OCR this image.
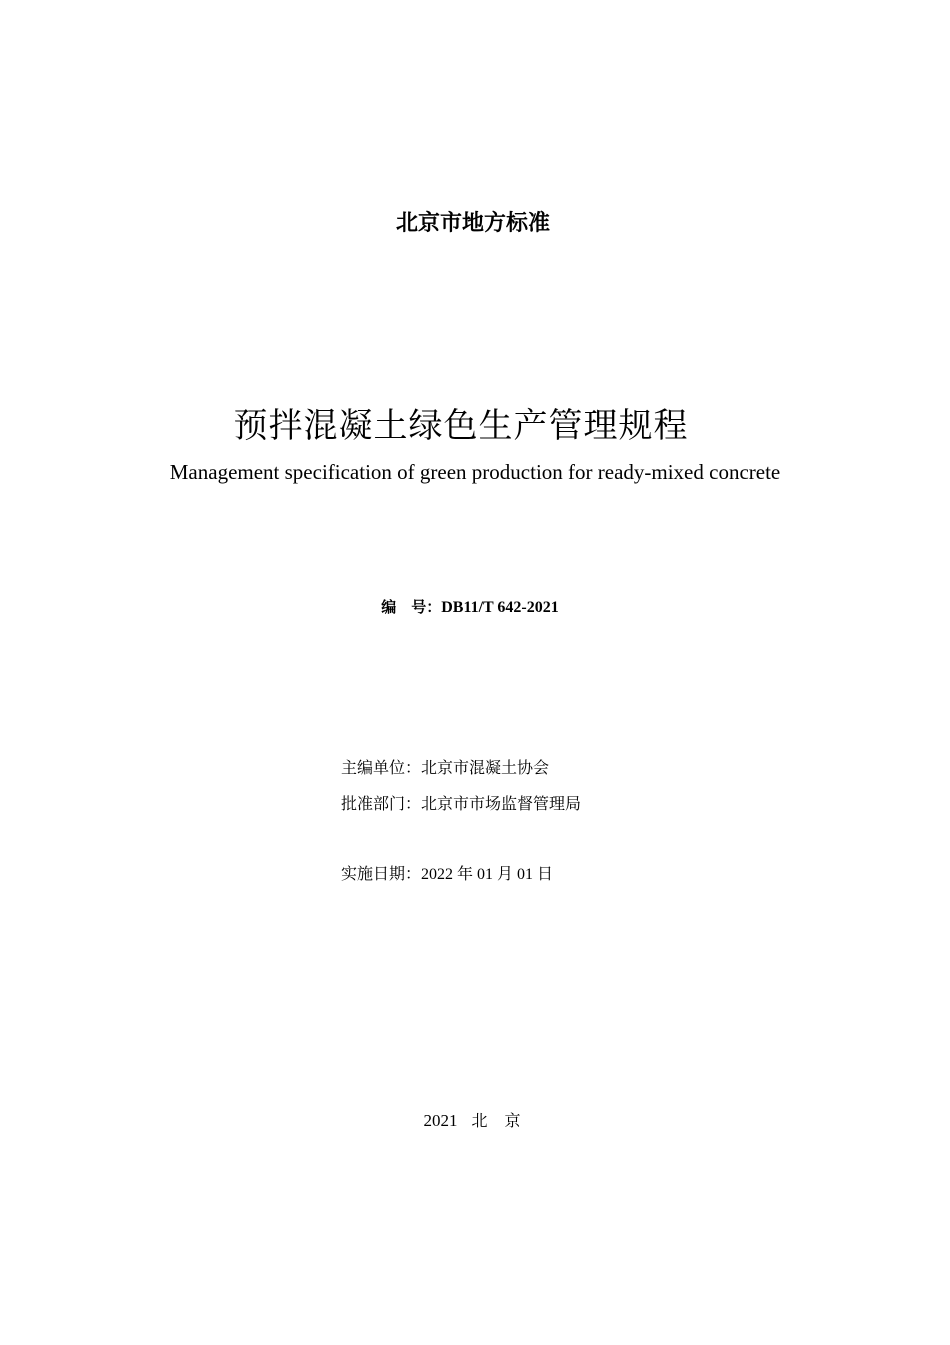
北京市地方标准
预拌混凝土绿色生产管理规程
Management specification of green production for ready-mixed concrete
编　号：DB11/T 642-2021
主编单位：北京市混凝土协会
批准部门：北京市市场监督管理局
实施日期：2022 年 01 月 01 日
2021 北 京
